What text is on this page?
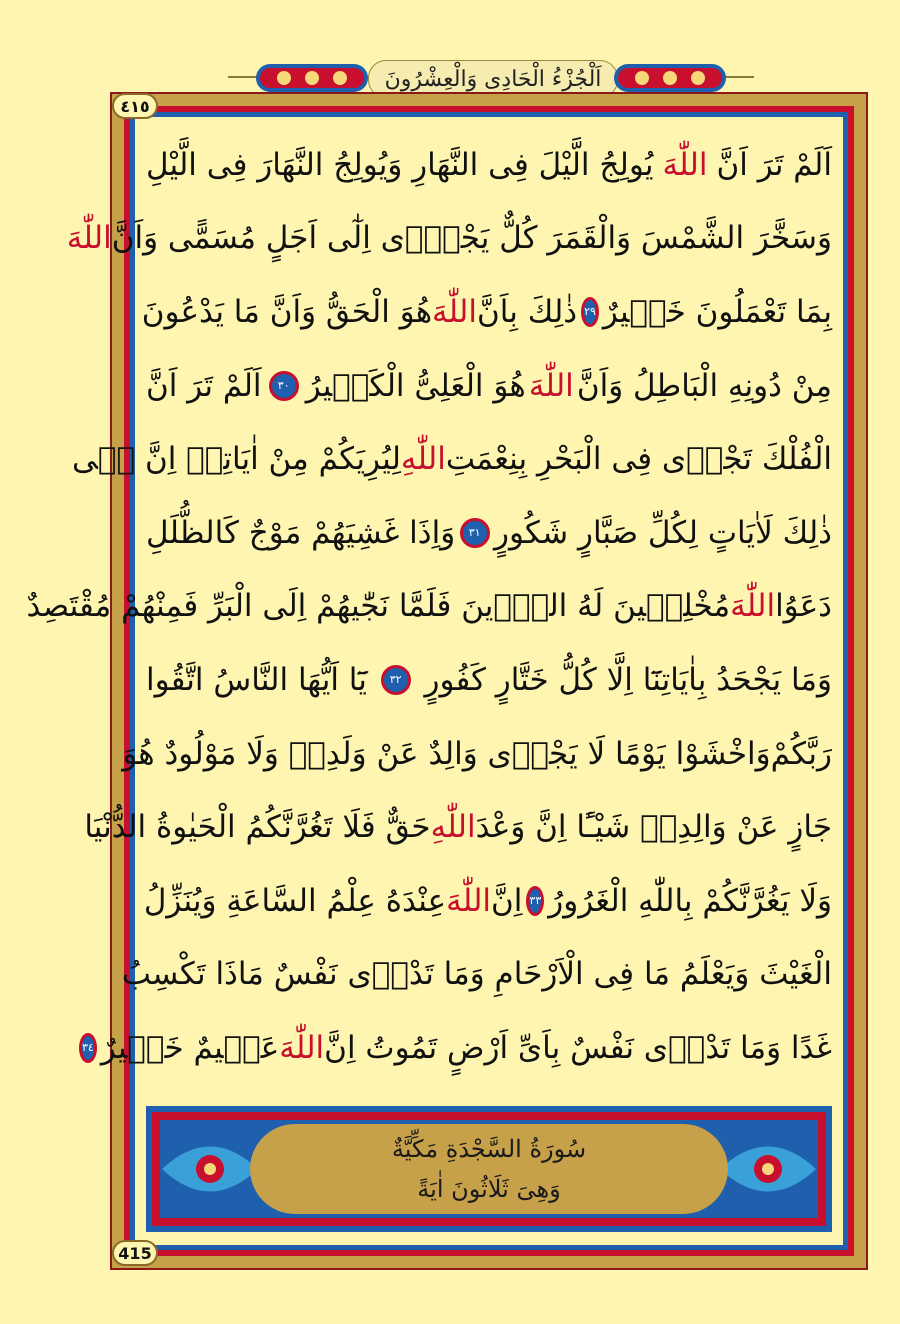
اَلْجُزْءُ الْحَادِى وَالْعِشْرُونَ
٤١٥
415
اَلَمْ تَرَ اَنَّ
اللّٰهَ
يُولِجُ الَّيْلَ فِى النَّهَارِ وَيُولِجُ النَّهَارَ فِى الَّيْلِ
وَسَخَّرَ الشَّمْسَ وَالْقَمَرَ كُلٌّ يَجْرٖٓى اِلٰٓى اَجَلٍ مُسَمًّى وَاَنَّ
اللّٰهَ
بِمَا تَعْمَلُونَ خَبٖيرٌ
٢٩
ذٰلِكَ بِاَنَّ
اللّٰهَ
هُوَ الْحَقُّ وَاَنَّ مَا يَدْعُونَ
مِنْ دُونِهِ الْبَاطِلُ وَاَنَّ
اللّٰهَ
هُوَ الْعَلِىُّ الْكَبٖيرُ
٣٠
اَلَمْ تَرَ اَنَّ
الْفُلْكَ تَجْرٖى فِى الْبَحْرِ بِنِعْمَتِ
اللّٰهِ
لِيُرِيَكُمْ مِنْ اٰيَاتِهٖ اِنَّ فٖى
ذٰلِكَ لَاٰيَاتٍ لِكُلِّ صَبَّارٍ شَكُورٍ
٣١
وَاِذَا غَشِيَهُمْ مَوْجٌ كَالظُّلَلِ
دَعَوُا
اللّٰهَ
مُخْلِصٖينَ لَهُ الدّٖينَ فَلَمَّا نَجّٰيهُمْ اِلَى الْبَرِّ فَمِنْهُمْ مُقْتَصِدٌ
وَمَا يَجْحَدُ بِاٰيَاتِنَٓا اِلَّا كُلُّ خَتَّارٍ كَفُورٍ
٣٢
يَٓا اَيُّهَا النَّاسُ اتَّقُوا
رَبَّكُمْ
وَاخْشَوْا يَوْمًا لَا يَجْزٖى وَالِدٌ عَنْ وَلَدِهٖ وَلَا مَوْلُودٌ هُوَ
جَازٍ عَنْ وَالِدِهٖ شَيْـًٔا اِنَّ وَعْدَ
اللّٰهِ
حَقٌّ فَلَا تَغُرَّنَّكُمُ الْحَيٰوةُ الدُّنْيَا
وَلَا يَغُرَّنَّكُمْ بِاللّٰهِ الْغَرُورُ
٣٣
اِنَّ
اللّٰهَ
عِنْدَهُ عِلْمُ السَّاعَةِ وَيُنَزِّلُ
الْغَيْثَ وَيَعْلَمُ مَا فِى الْاَرْحَامِ وَمَا تَدْرٖى نَفْسٌ مَاذَا تَكْسِبُ
غَدًا وَمَا تَدْرٖى نَفْسٌ بِاَىِّ اَرْضٍ تَمُوتُ اِنَّ
اللّٰهَ
عَلٖيمٌ خَبٖيرٌ
٣٤
سُورَةُ السَّجْدَةِ مَكِّيَّةٌ
وَهِىَ ثَلَاثُونَ اٰيَةً
